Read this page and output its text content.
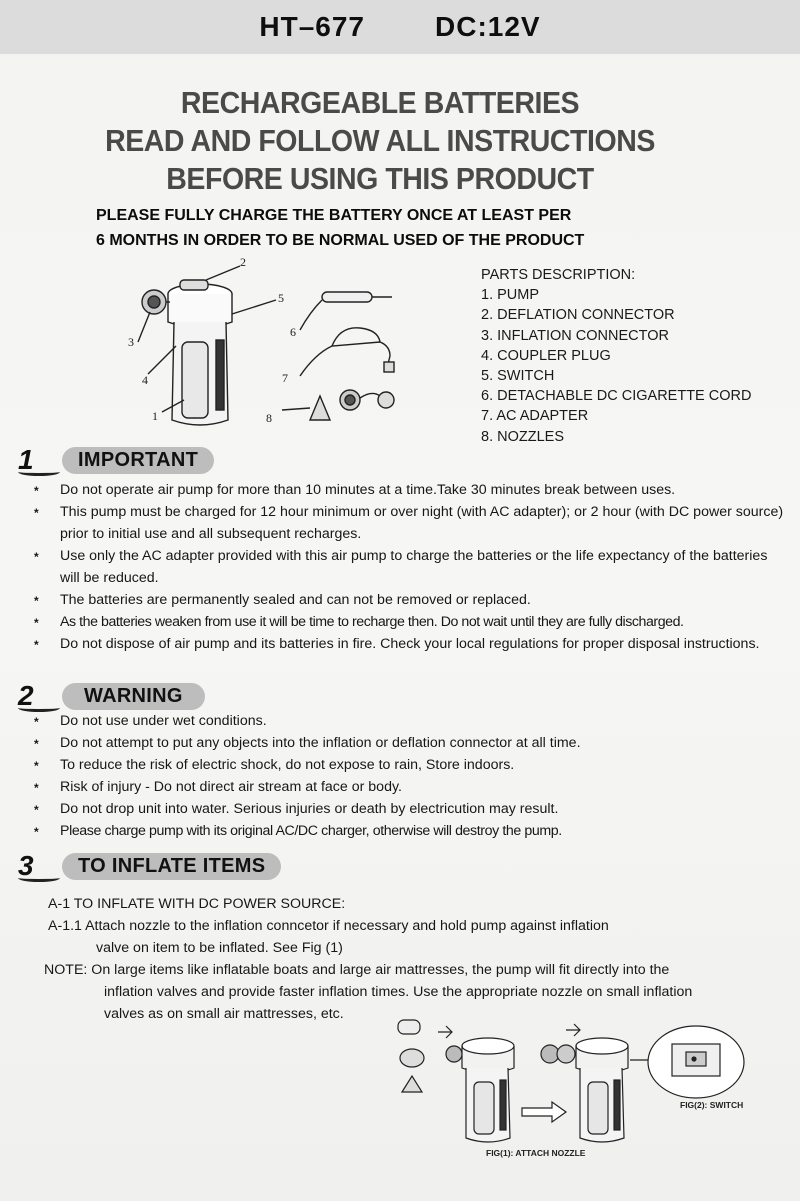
HT–677	DC:12V
RECHARGEABLE BATTERIES
READ AND FOLLOW ALL INSTRUCTIONS
BEFORE USING THIS PRODUCT
PLEASE FULLY CHARGE THE BATTERY ONCE AT LEAST PER
6 MONTHS IN ORDER TO BE NORMAL USED OF THE PRODUCT
1
2
3
4
5
6
7
8
PARTS DESCRIPTION:
1. PUMP
2. DEFLATION CONNECTOR
3. INFLATION CONNECTOR
4. COUPLER PLUG
5. SWITCH
6. DETACHABLE DC CIGARETTE CORD
7. AC ADAPTER
8. NOZZLES
1	IMPORTANT
* Do not operate air pump for more than 10 minutes at a time.Take 30 minutes break between uses.
* This pump must be charged for 12 hour minimum or over night (with AC adapter); or 2 hour (with DC power source) prior to initial use and all subsequent recharges.
* Use only the AC adapter provided with this air pump to charge the batteries or the life expectancy of the batteries will be reduced.
* The batteries are permanently sealed and can not be removed or replaced.
* As the batteries weaken from use it will be time to recharge then. Do not wait until they are fully discharged.
* Do not dispose of air pump and its batteries in fire. Check your local regulations for proper disposal instructions.
2	WARNING
* Do not use under wet conditions.
* Do not attempt to put any objects into the inflation or deflation connector at all time.
* To reduce the risk of electric shock, do not expose to rain, Store indoors.
* Risk of injury - Do not direct air stream at face or body.
* Do not drop unit into water. Serious injuries or death by electricution may result.
* Please charge pump with its original AC/DC charger, otherwise will destroy the pump.
3	TO INFLATE ITEMS
A-1 TO INFLATE WITH DC POWER SOURCE:
A-1.1 Attach nozzle to the inflation conncetor if necessary and hold pump against inflation
valve on item to be inflated. See Fig (1)
NOTE: On large items like inflatable boats and large air mattresses, the pump will fit directly into the
inflation valves and provide faster inflation times. Use the appropriate nozzle on small inflation
valves as on small air mattresses, etc.
FIG(2): SWITCH
FIG(1): ATTACH NOZZLE
